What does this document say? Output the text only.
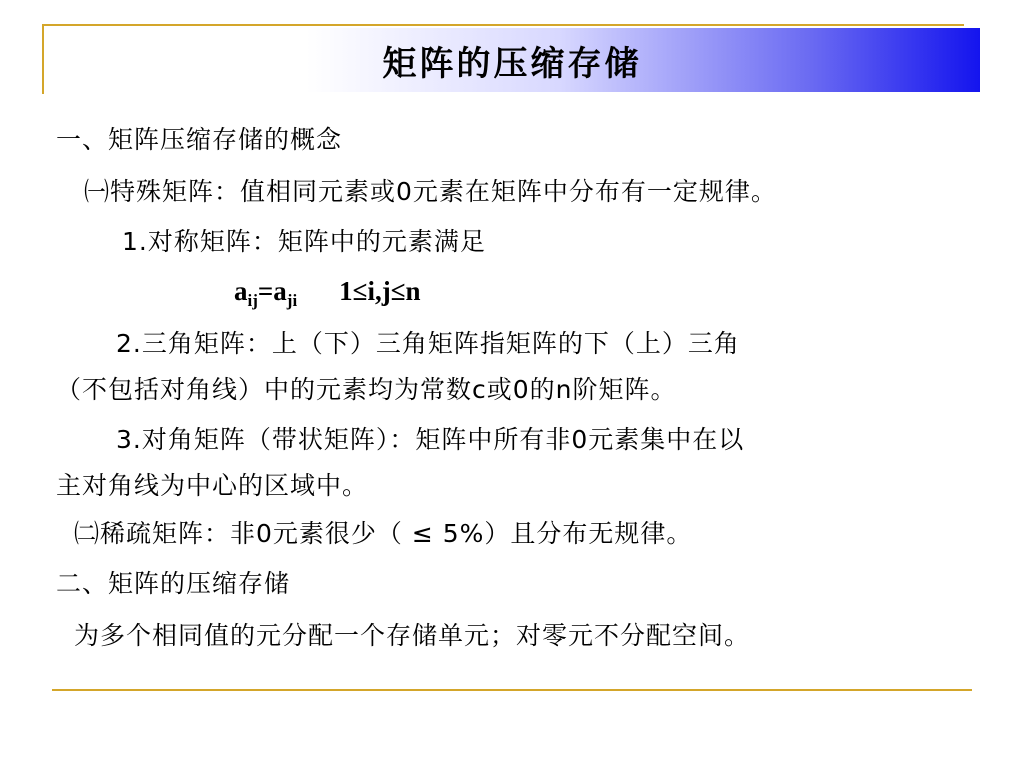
矩阵的压缩存储
一、矩阵压缩存储的概念
㈠特殊矩阵：值相同元素或0元素在矩阵中分布有一定规律。
1.对称矩阵：矩阵中的元素满足
$a_{ij}=a_{ji}$ 1≤i,j≤n
2.三角矩阵：上（下）三角矩阵指矩阵的下（上）三角
（不包括对角线）中的元素均为常数c或0的n阶矩阵。
3.对角矩阵（带状矩阵）：矩阵中所有非0元素集中在以
主对角线为中心的区域中。
㈡稀疏矩阵：非0元素很少（ ≤ 5%）且分布无规律。
二、矩阵的压缩存储
为多个相同值的元分配一个存储单元；对零元不分配空间。
